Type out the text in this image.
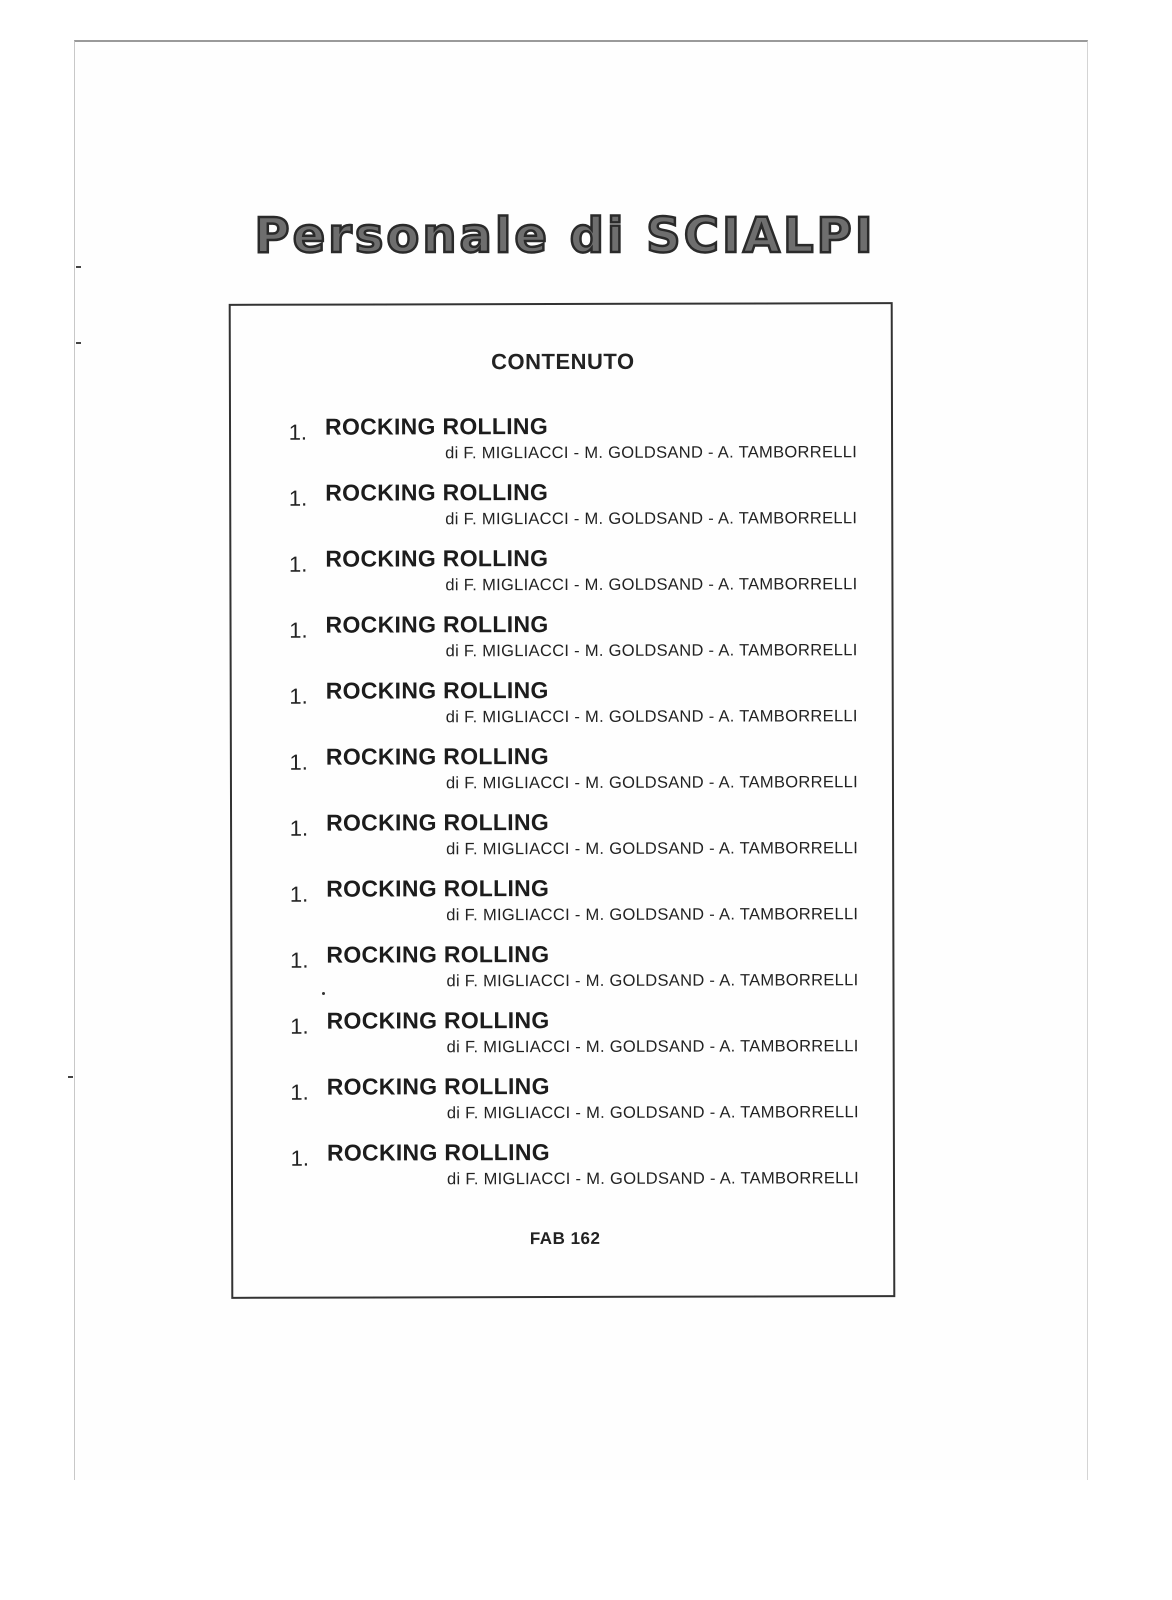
Personale di SCIALPI
CONTENUTO
1. ROCKING ROLLING
di F. MIGLIACCI - M. GOLDSAND - A. TAMBORRELLI
1. ROCKING ROLLING
di F. MIGLIACCI - M. GOLDSAND - A. TAMBORRELLI
1. ROCKING ROLLING
di F. MIGLIACCI - M. GOLDSAND - A. TAMBORRELLI
1. ROCKING ROLLING
di F. MIGLIACCI - M. GOLDSAND - A. TAMBORRELLI
1. ROCKING ROLLING
di F. MIGLIACCI - M. GOLDSAND - A. TAMBORRELLI
1. ROCKING ROLLING
di F. MIGLIACCI - M. GOLDSAND - A. TAMBORRELLI
1. ROCKING ROLLING
di F. MIGLIACCI - M. GOLDSAND - A. TAMBORRELLI
1. ROCKING ROLLING
di F. MIGLIACCI - M. GOLDSAND - A. TAMBORRELLI
1. ROCKING ROLLING
di F. MIGLIACCI - M. GOLDSAND - A. TAMBORRELLI
1. ROCKING ROLLING
di F. MIGLIACCI - M. GOLDSAND - A. TAMBORRELLI
1. ROCKING ROLLING
di F. MIGLIACCI - M. GOLDSAND - A. TAMBORRELLI
1. ROCKING ROLLING
di F. MIGLIACCI - M. GOLDSAND - A. TAMBORRELLI
FAB 162
